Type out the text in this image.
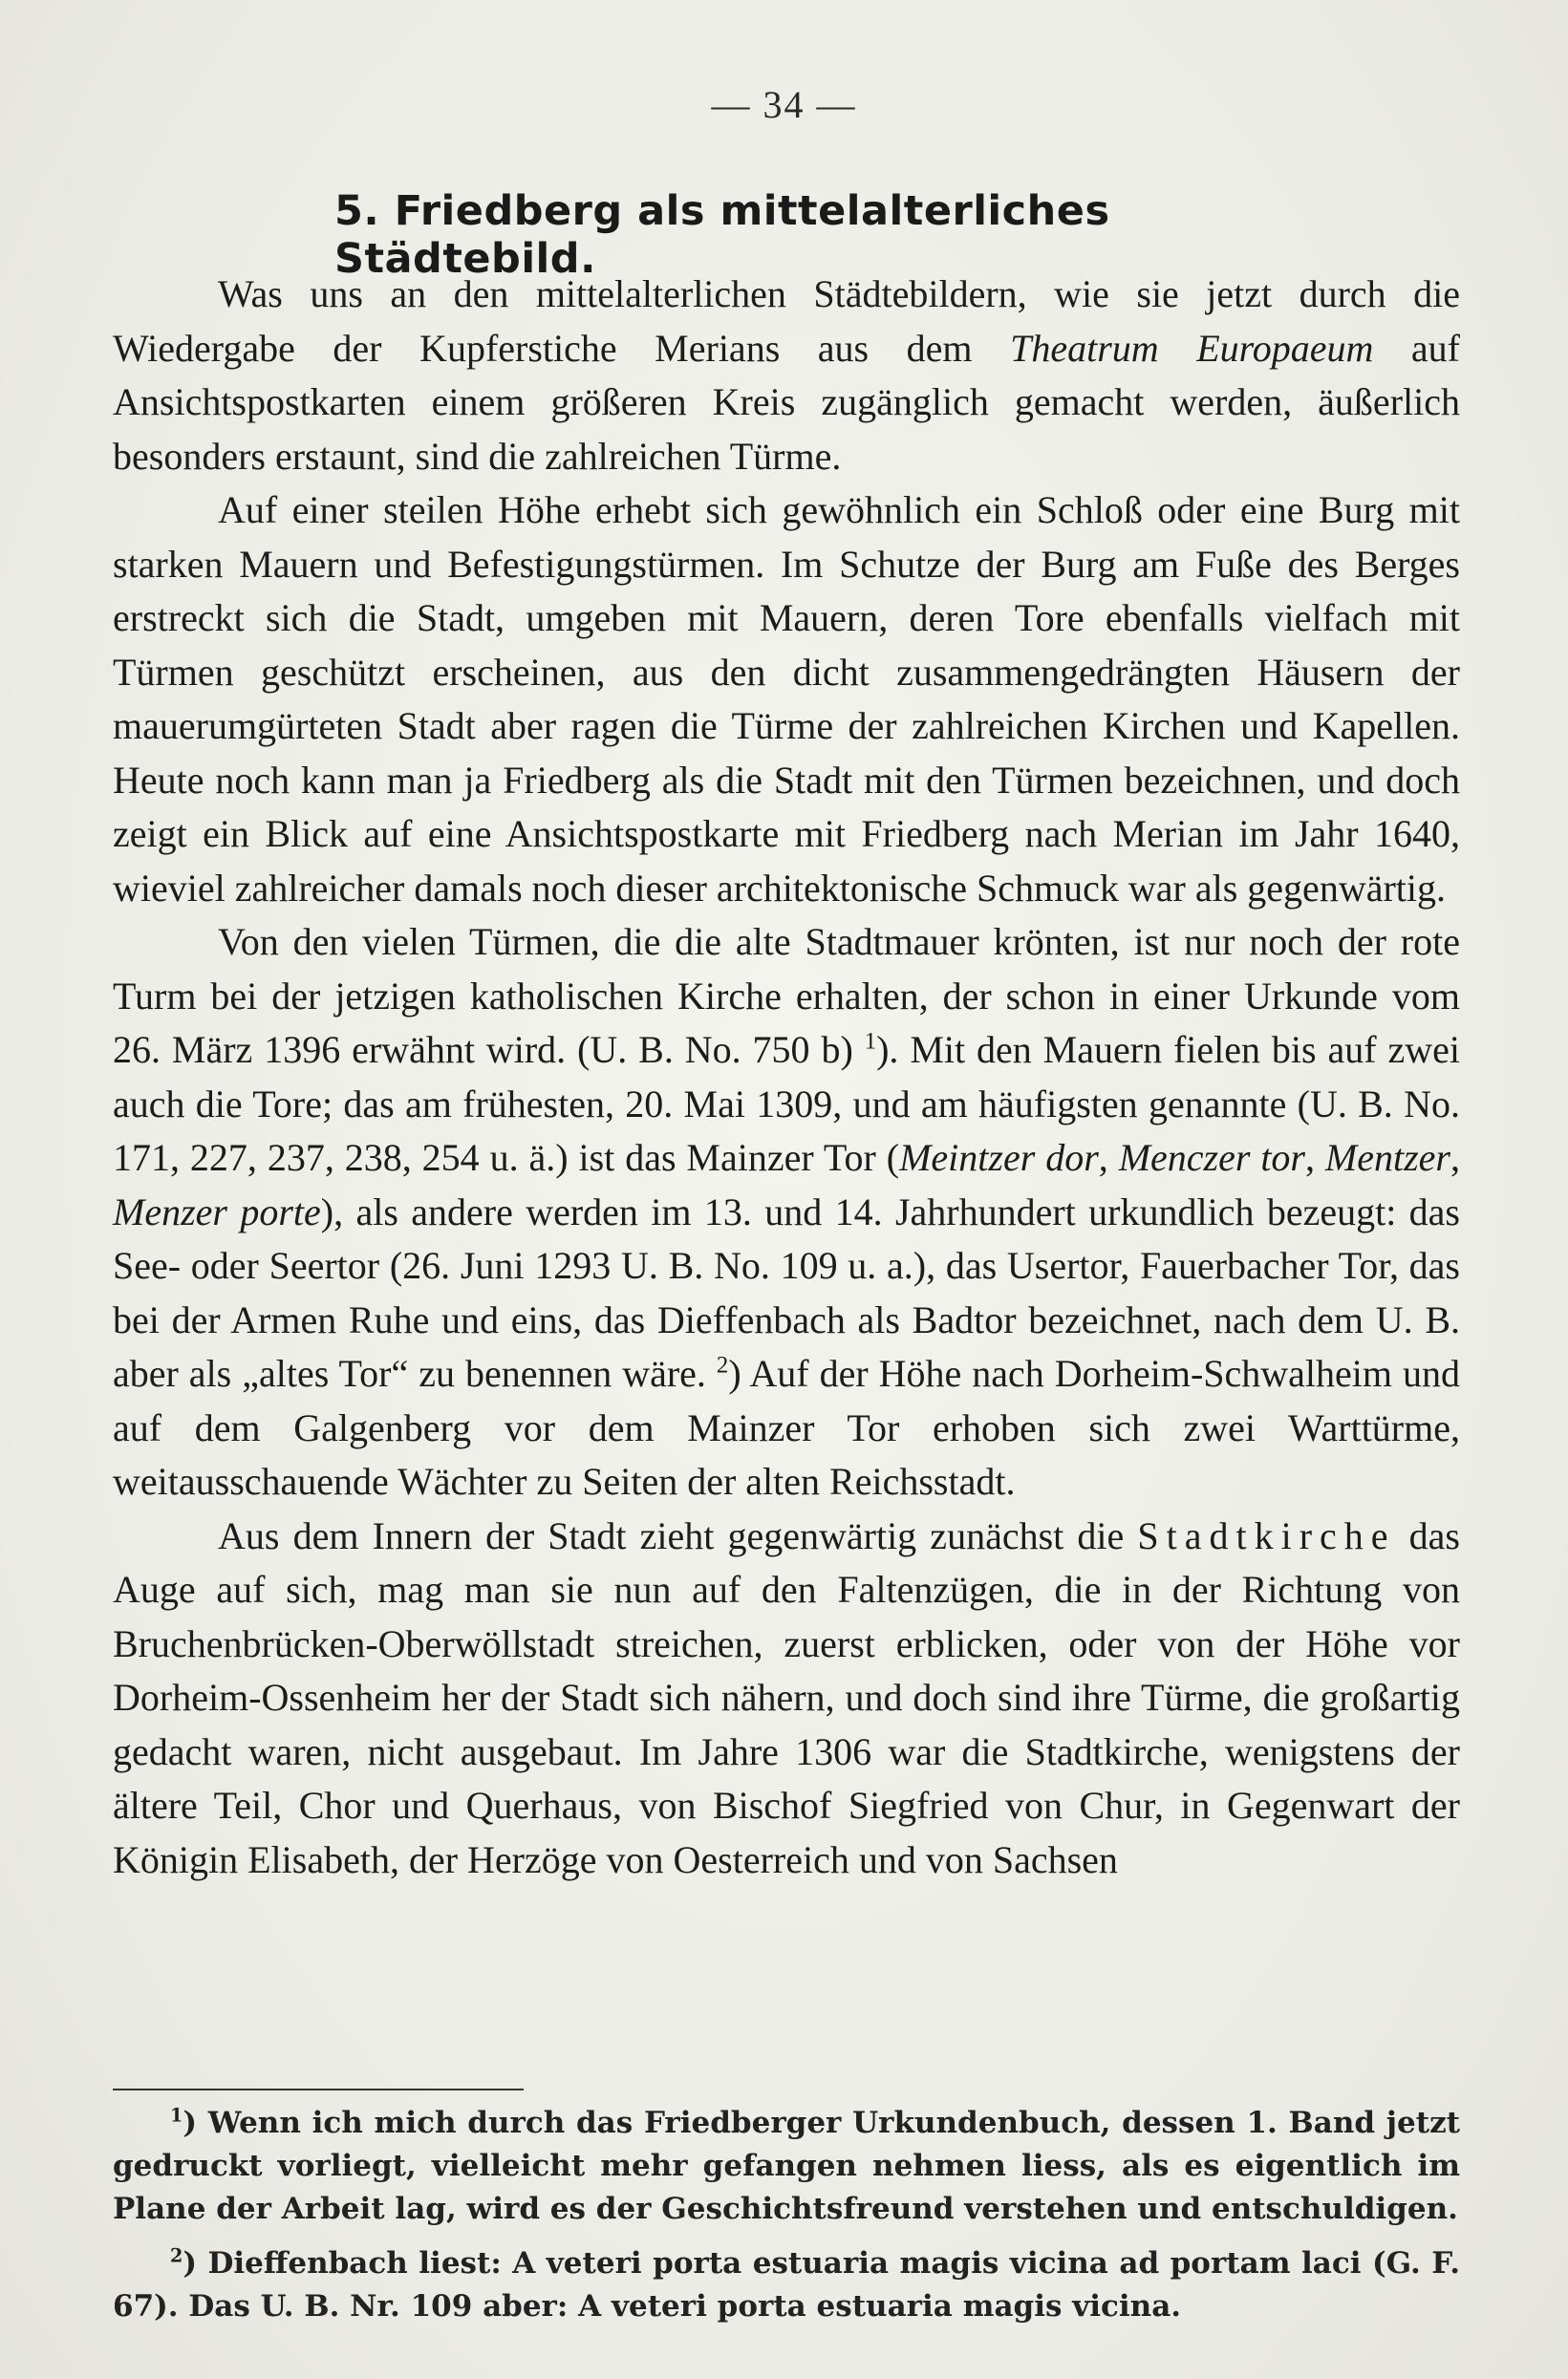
— 34 —
5. Friedberg als mittelalterliches Städtebild.

Was uns an den mittelalterlichen Städtebildern, wie sie jetzt durch die Wiedergabe der Kupferstiche Merians aus dem Theatrum Europaeum auf Ansichtspostkarten einem größeren Kreis zugänglich gemacht werden, äußerlich besonders erstaunt, sind die zahlreichen Türme.

Auf einer steilen Höhe erhebt sich gewöhnlich ein Schloß oder eine Burg mit starken Mauern und Befestigungstürmen. Im Schutze der Burg am Fuße des Berges erstreckt sich die Stadt, umgeben mit Mauern, deren Tore ebenfalls vielfach mit Türmen geschützt erscheinen, aus den dicht zusammengedrängten Häusern der mauerumgürteten Stadt aber ragen die Türme der zahlreichen Kirchen und Kapellen. Heute noch kann man ja Friedberg als die Stadt mit den Türmen bezeichnen, und doch zeigt ein Blick auf eine Ansichtspostkarte mit Friedberg nach Merian im Jahr 1640, wieviel zahlreicher damals noch dieser architektonische Schmuck war als gegenwärtig.

Von den vielen Türmen, die die alte Stadtmauer krönten, ist nur noch der rote Turm bei der jetzigen katholischen Kirche erhalten, der schon in einer Urkunde vom 26. März 1396 erwähnt wird. (U. B. No. 750 b) $^1$). Mit den Mauern fielen bis auf zwei auch die Tore; das am frühesten, 20. Mai 1309, und am häufigsten genannte (U. B. No. 171, 227, 237, 238, 254 u. ä.) ist das Mainzer Tor (Meintzer dor, Menczer tor, Mentzer, Menzer porte), als andere werden im 13. und 14. Jahrhundert urkundlich bezeugt: das See- oder Seertor (26. Juni 1293 U. B. No. 109 u. a.), das Usertor, Fauerbacher Tor, das bei der Armen Ruhe und eins, das Dieffenbach als Badtor bezeichnet, nach dem U. B. aber als „altes Tor“ zu benennen wäre. $^2$) Auf der Höhe nach Dorheim-Schwalheim und auf dem Galgenberg vor dem Mainzer Tor erhoben sich zwei Warttürme, weitausschauende Wächter zu Seiten der alten Reichsstadt.

Aus dem Innern der Stadt zieht gegenwärtig zunächst die Stadtkirche das Auge auf sich, mag man sie nun auf den Faltenzügen, die in der Richtung von Bruchenbrücken-Oberwöllstadt streichen, zuerst erblicken, oder von der Höhe vor Dorheim-Ossenheim her der Stadt sich nähern, und doch sind ihre Türme, die großartig gedacht waren, nicht ausgebaut. Im Jahre 1306 war die Stadtkirche, wenigstens der ältere Teil, Chor und Querhaus, von Bischof Siegfried von Chur, in Gegenwart der Königin Elisabeth, der Herzöge von Oesterreich und von Sachsen

$^1$) Wenn ich mich durch das Friedberger Urkundenbuch, dessen 1. Band jetzt gedruckt vorliegt, vielleicht mehr gefangen nehmen liess, als es eigentlich im Plane der Arbeit lag, wird es der Geschichtsfreund verstehen und entschuldigen.

$^2$) Dieffenbach liest: A veteri porta estuaria magis vicina ad portam laci (G. F. 67). Das U. B. Nr. 109 aber: A veteri porta estuaria magis vicina.
